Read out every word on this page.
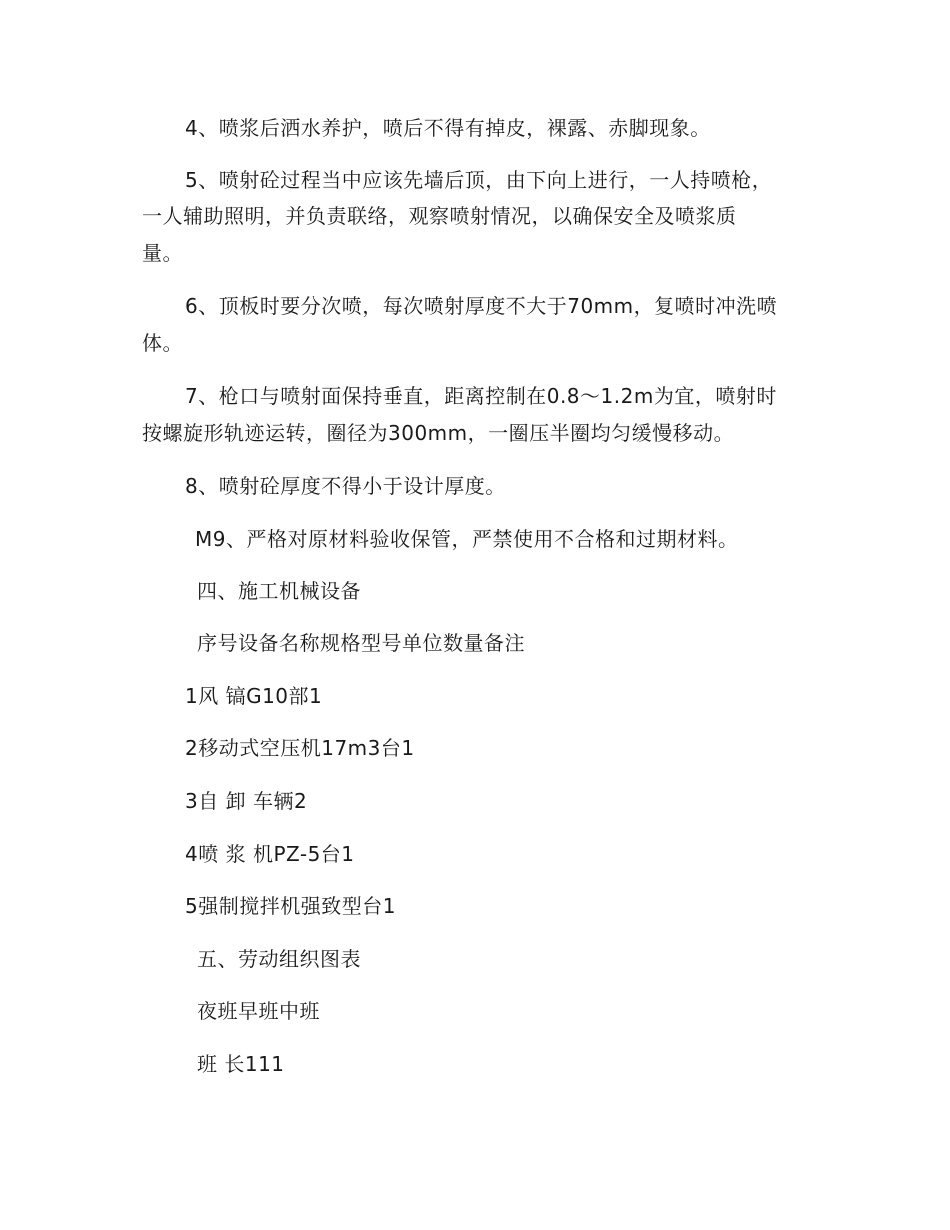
4、喷浆后洒水养护，喷后不得有掉皮，裸露、赤脚现象。
5、喷射砼过程当中应该先墙后顶，由下向上进行，一人持喷枪，
一人辅助照明，并负责联络，观察喷射情况，以确保安全及喷浆质
量。
6、顶板时要分次喷，每次喷射厚度不大于70mm，复喷时冲洗喷
体。
7、枪口与喷射面保持垂直，距离控制在0.8～1.2m为宜，喷射时
按螺旋形轨迹运转，圈径为300mm，一圈压半圈均匀缓慢移动。
8、喷射砼厚度不得小于设计厚度。
M9、严格对原材料验收保管，严禁使用不合格和过期材料。
四、施工机械设备
序号设备名称规格型号单位数量备注
1风 镐G10部1
2移动式空压机17m3台1
3自 卸 车辆2
4喷 浆 机PZ-5台1
5强制搅拌机强致型台1
五、劳动组织图表
夜班早班中班
班 长111
